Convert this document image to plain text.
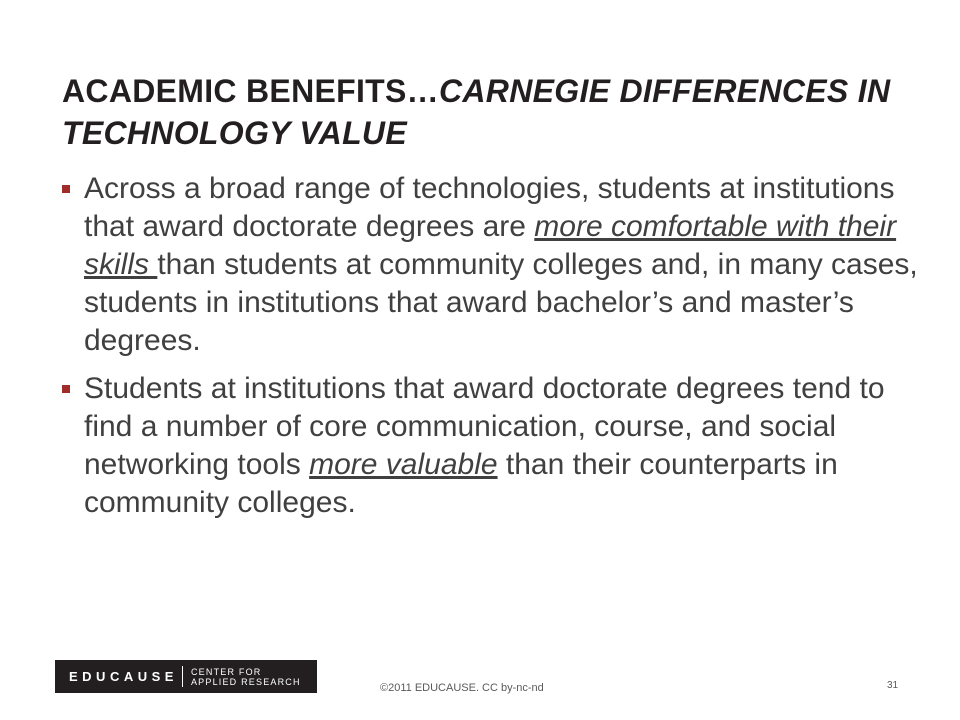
ACADEMIC BENEFITS…CARNEGIE DIFFERENCES IN TECHNOLOGY VALUE
Across a broad range of technologies, students at institutions that award doctorate degrees are more comfortable with their skills than students at community colleges and, in many cases, students in institutions that award bachelor’s and master’s degrees.
Students at institutions that award doctorate degrees tend to find a number of core communication, course, and social networking tools more valuable than their counterparts in community colleges.
EDUCAUSE CENTER FOR
APPLIED RESEARCH
©2011 EDUCAUSE. CC by-nc-nd	31
